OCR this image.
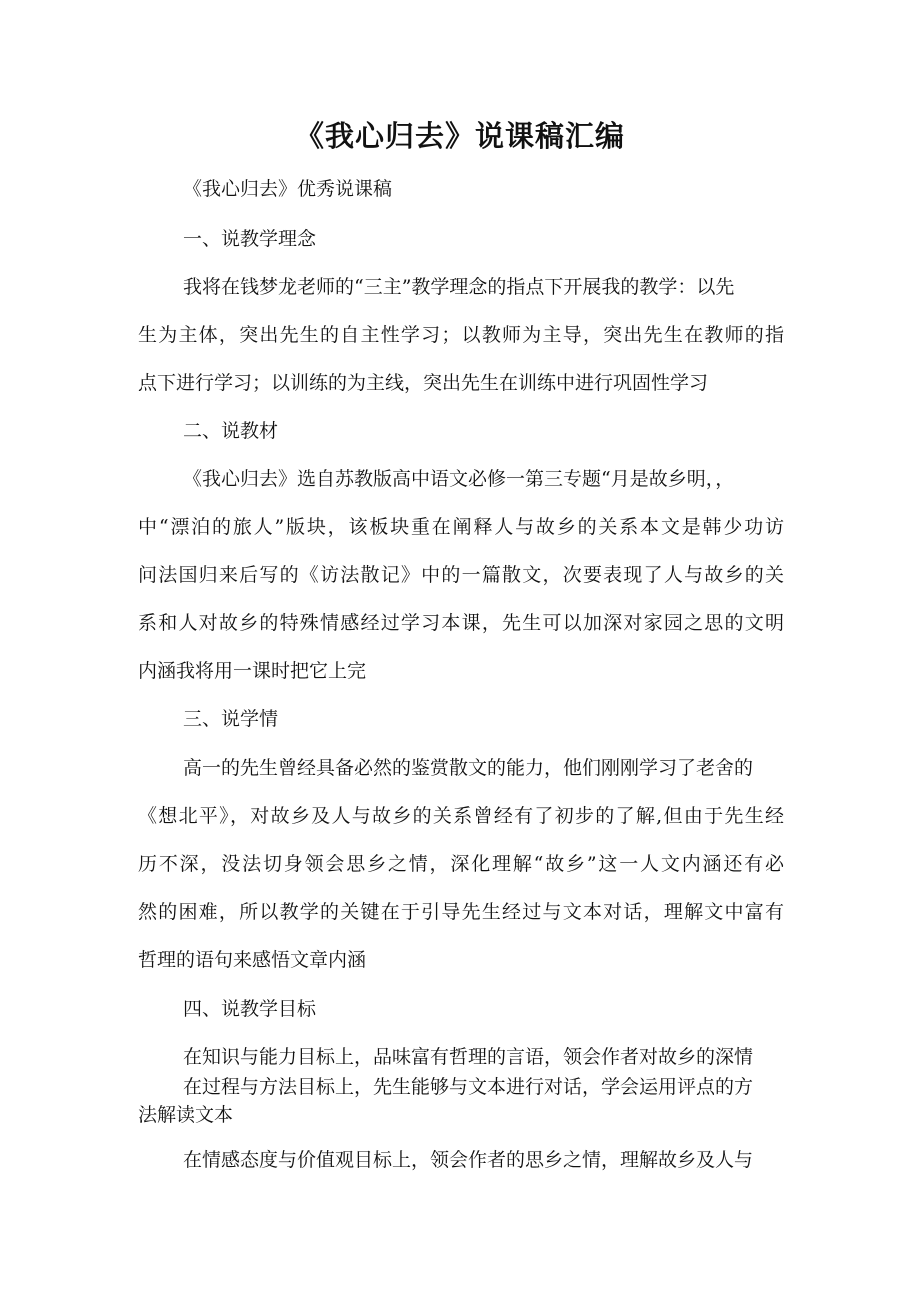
《我心归去》说课稿汇编
《我心归去》优秀说课稿
一、说教学理念
我将在钱梦龙老师的“三主”教学理念的指点下开展我的教学：以先
生为主体，突出先生的自主性学习；以教师为主导，突出先生在教师的指
点下进行学习；以训练的为主线，突出先生在训练中进行巩固性学习
二、说教材
《我心归去》选自苏教版高中语文必修一第三专题“月是故乡明，，
中“漂泊的旅人”版块，该板块重在阐释人与故乡的关系本文是韩少功访
问法国归来后写的《访法散记》中的一篇散文，次要表现了人与故乡的关
系和人对故乡的特殊情感经过学习本课，先生可以加深对家园之思的文明
内涵我将用一课时把它上完
三、说学情
高一的先生曾经具备必然的鉴赏散文的能力，他们刚刚学习了老舍的
《想北平》，对故乡及人与故乡的关系曾经有了初步的了解,但由于先生经
历不深，没法切身领会思乡之情，深化理解“故乡”这一人文内涵还有必
然的困难，所以教学的关键在于引导先生经过与文本对话，理解文中富有
哲理的语句来感悟文章内涵
四、说教学目标
在知识与能力目标上，品味富有哲理的言语，领会作者对故乡的深情
在过程与方法目标上，先生能够与文本进行对话，学会运用评点的方
法解读文本
在情感态度与价值观目标上，领会作者的思乡之情，理解故乡及人与
